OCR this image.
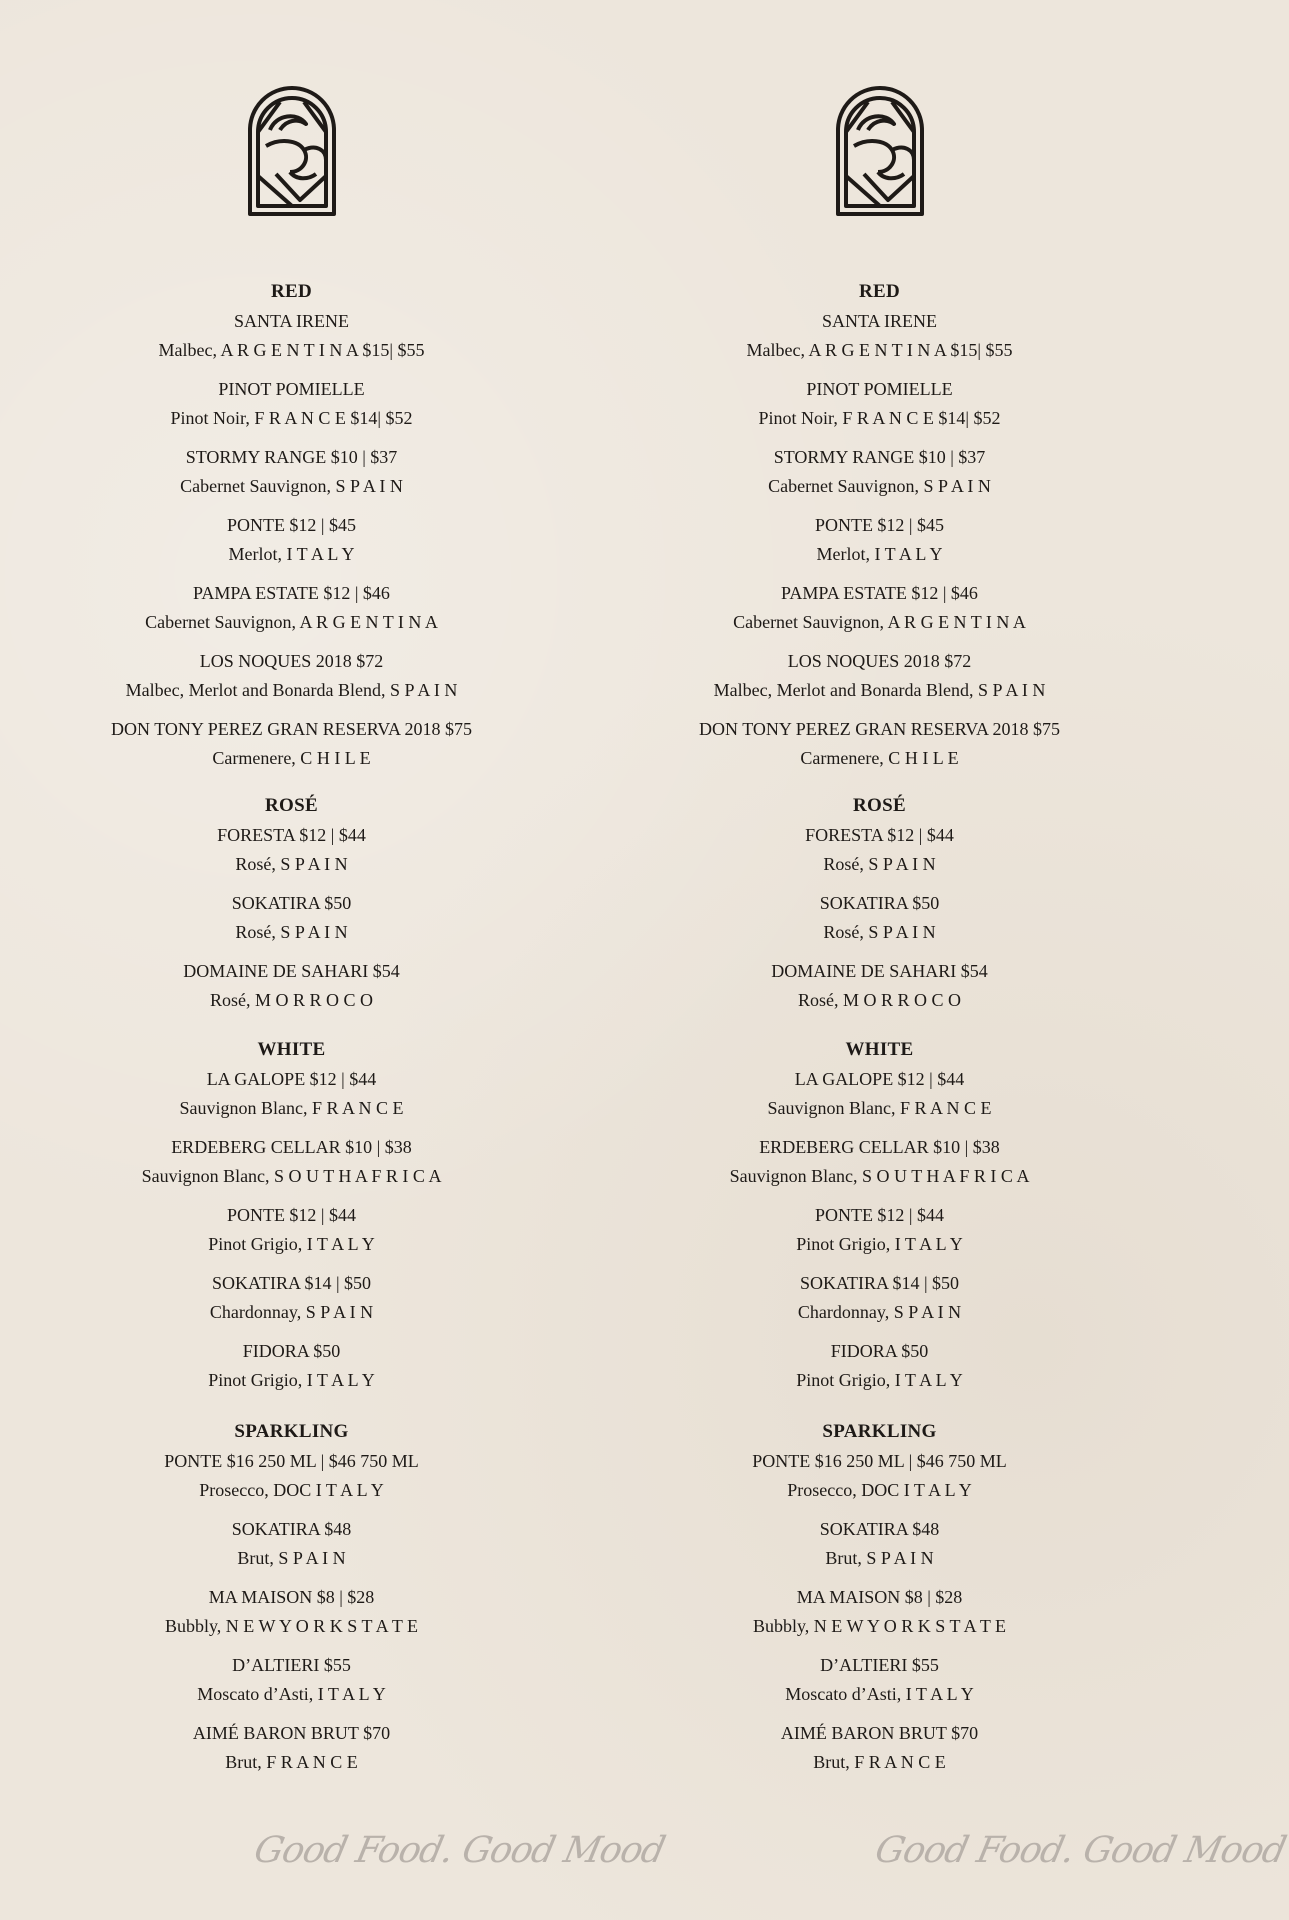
RED
SANTA IRENE
Malbec, A R G E N T I N A $15| $55
PINOT POMIELLE
Pinot Noir, F R A N C E $14| $52
STORMY RANGE $10 | $37
Cabernet Sauvignon, S P A I N
PONTE $12 | $45
Merlot, I T A L Y
PAMPA ESTATE $12 | $46
Cabernet Sauvignon, A R G E N T I N A
LOS NOQUES 2018 $72
Malbec, Merlot and Bonarda Blend, S P A I N
DON TONY PEREZ GRAN RESERVA 2018 $75
Carmenere, C H I L E
ROSÉ
FORESTA $12 | $44
Rosé, S P A I N
SOKATIRA $50
Rosé, S P A I N
DOMAINE DE SAHARI $54
Rosé, M O R R O C O
WHITE
LA GALOPE $12 | $44
Sauvignon Blanc, F R A N C E
ERDEBERG CELLAR $10 | $38
Sauvignon Blanc, S O U T H A F R I C A
PONTE $12 | $44
Pinot Grigio, I T A L Y
SOKATIRA $14 | $50
Chardonnay, S P A I N
FIDORA $50
Pinot Grigio, I T A L Y
SPARKLING
PONTE $16 250 ML | $46 750 ML
Prosecco, DOC I T A L Y
SOKATIRA $48
Brut, S P A I N
MA MAISON $8 | $28
Bubbly, N E W Y O R K S T A T E
D’ALTIERI $55
Moscato d’Asti, I T A L Y
AIMÉ BARON BRUT $70
Brut, F R A N C E
Good Food. Good Mood
RED
SANTA IRENE
Malbec, A R G E N T I N A $15| $55
PINOT POMIELLE
Pinot Noir, F R A N C E $14| $52
STORMY RANGE $10 | $37
Cabernet Sauvignon, S P A I N
PONTE $12 | $45
Merlot, I T A L Y
PAMPA ESTATE $12 | $46
Cabernet Sauvignon, A R G E N T I N A
LOS NOQUES 2018 $72
Malbec, Merlot and Bonarda Blend, S P A I N
DON TONY PEREZ GRAN RESERVA 2018 $75
Carmenere, C H I L E
ROSÉ
FORESTA $12 | $44
Rosé, S P A I N
SOKATIRA $50
Rosé, S P A I N
DOMAINE DE SAHARI $54
Rosé, M O R R O C O
WHITE
LA GALOPE $12 | $44
Sauvignon Blanc, F R A N C E
ERDEBERG CELLAR $10 | $38
Sauvignon Blanc, S O U T H A F R I C A
PONTE $12 | $44
Pinot Grigio, I T A L Y
SOKATIRA $14 | $50
Chardonnay, S P A I N
FIDORA $50
Pinot Grigio, I T A L Y
SPARKLING
PONTE $16 250 ML | $46 750 ML
Prosecco, DOC I T A L Y
SOKATIRA $48
Brut, S P A I N
MA MAISON $8 | $28
Bubbly, N E W Y O R K S T A T E
D’ALTIERI $55
Moscato d’Asti, I T A L Y
AIMÉ BARON BRUT $70
Brut, F R A N C E
Good Food. Good Mood
